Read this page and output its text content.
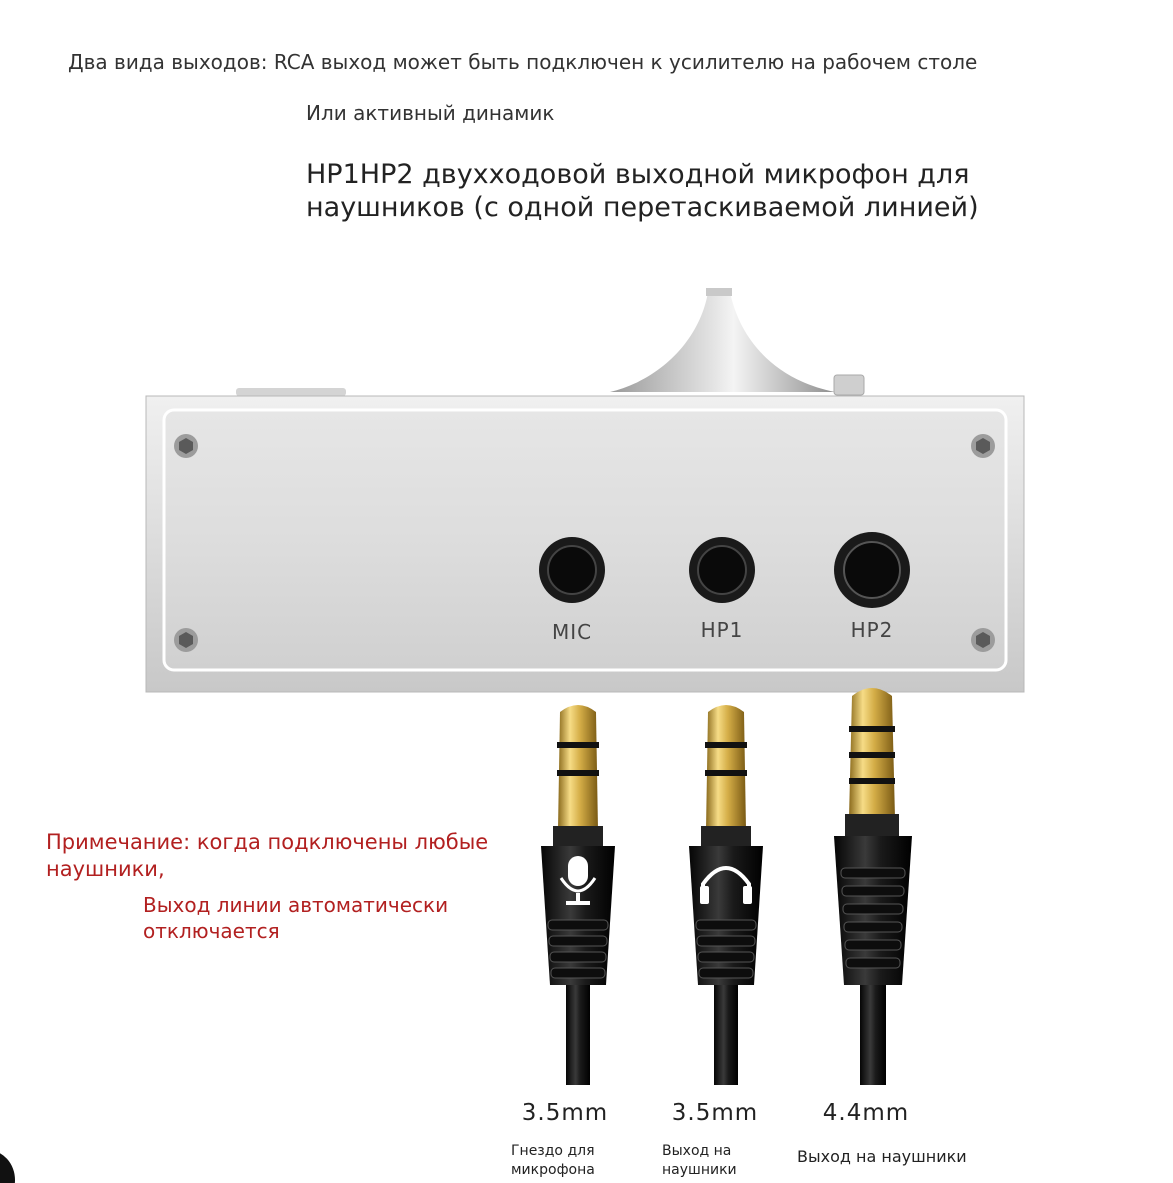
Два вида выходов: RCA выход может быть подключен к усилителю на рабочем столе
Или активный динамик
HP1HP2 двухходовой выходной микрофон для наушников (с одной перетаскиваемой линией)
MIC	HP1	HP2
Примечание: когда подключены любые наушники,
Выход линии автоматически отключается
3.5mm	3.5mm	4.4mm
Гнездо для микрофона
Выход на наушники
Выход на наушники
